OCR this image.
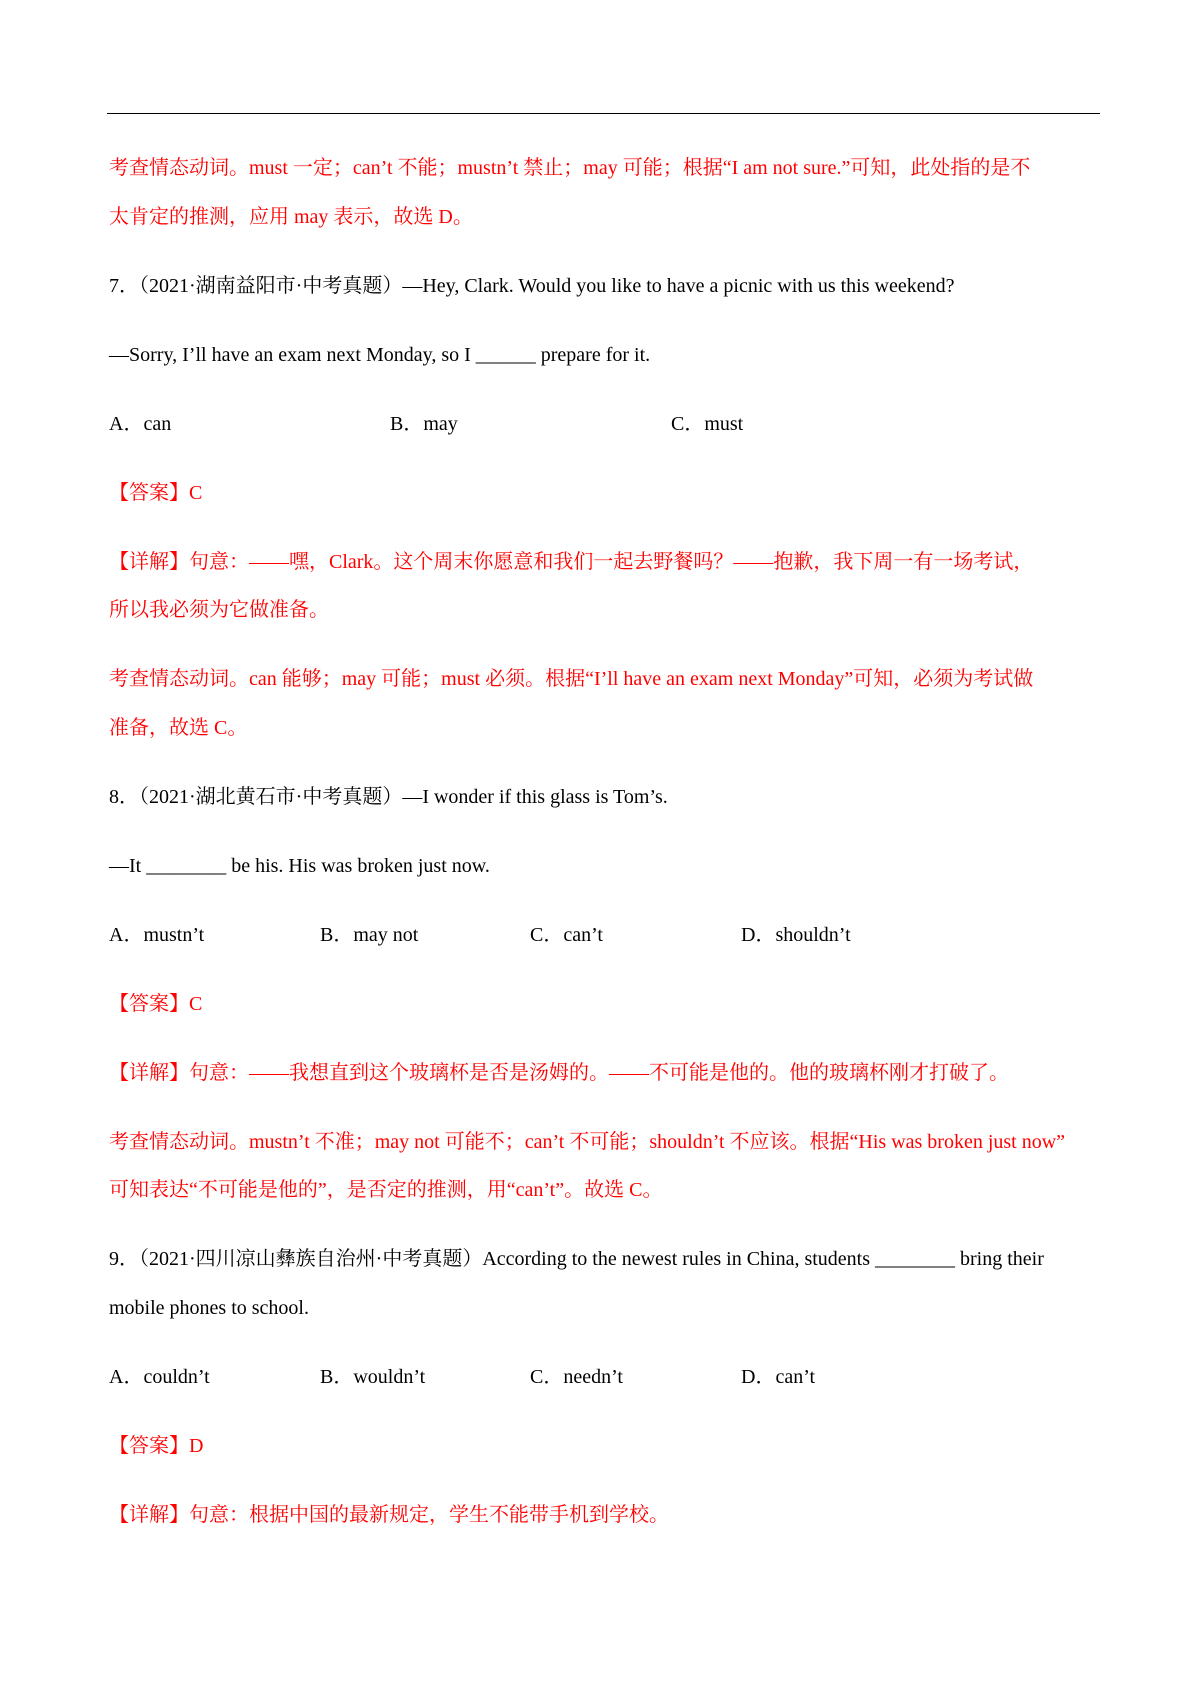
考查情态动词。must 一定；can’t 不能；mustn’t 禁止；may 可能；根据“I am not sure.”可知，此处指的是不
太肯定的推测，应用 may 表示，故选 D。
7．（2021·湖南益阳市·中考真题）—Hey, Clark. Would you like to have a picnic with us this weekend?
—Sorry, I’ll have an exam next Monday, so I ______ prepare for it.
A．can	B．may	C．must
【答案】C
【详解】句意：——嘿，Clark。这个周末你愿意和我们一起去野餐吗？——抱歉，我下周一有一场考试，
所以我必须为它做准备。
考查情态动词。can 能够；may 可能；must 必须。根据“I’ll have an exam next Monday”可知，必须为考试做
准备，故选 C。
8．（2021·湖北黄石市·中考真题）—I wonder if this glass is Tom’s.
—It ________ be his. His was broken just now.
A．mustn’t	B．may not	C．can’t	D．shouldn’t
【答案】C
【详解】句意：——我想直到这个玻璃杯是否是汤姆的。——不可能是他的。他的玻璃杯刚才打破了。
考查情态动词。mustn’t 不准；may not 可能不；can’t 不可能；shouldn’t 不应该。根据“His was broken just now”
可知表达“不可能是他的”，是否定的推测，用“can’t”。故选 C。
9．（2021·四川凉山彝族自治州·中考真题）According to the newest rules in China, students ________ bring their
mobile phones to school.
A．couldn’t	B．wouldn’t	C．needn’t	D．can’t
【答案】D
【详解】句意：根据中国的最新规定，学生不能带手机到学校。
